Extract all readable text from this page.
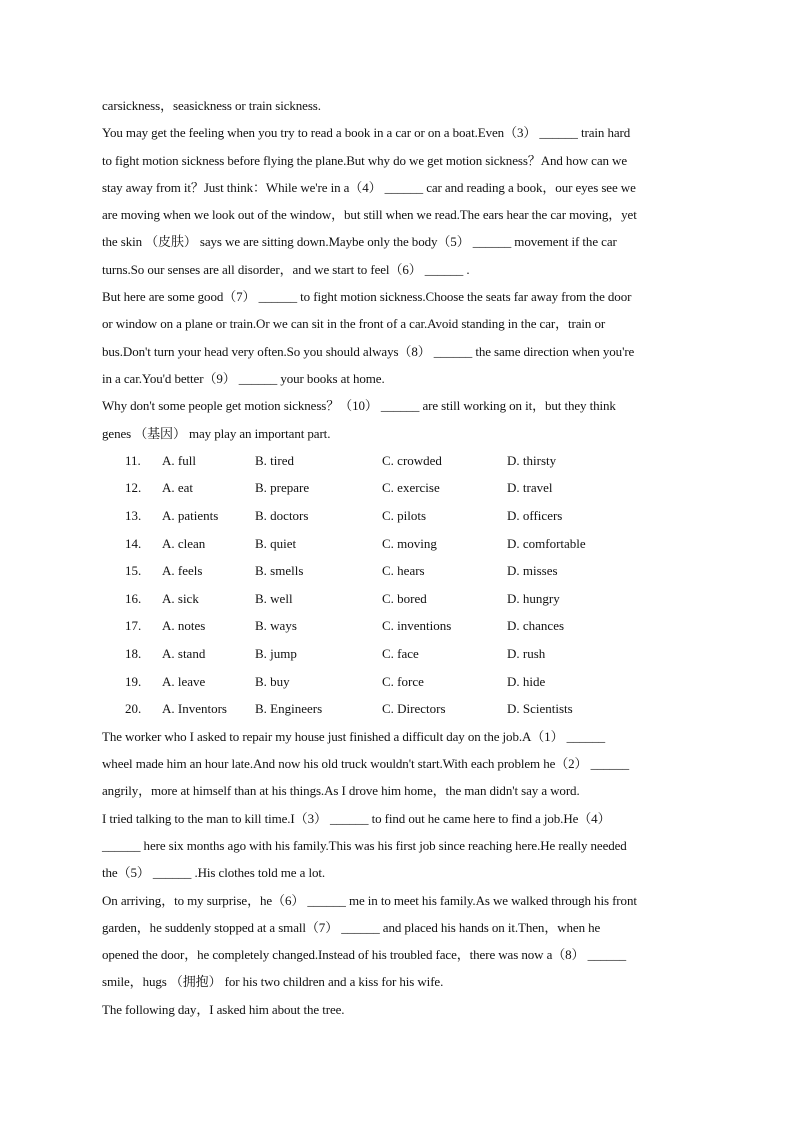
carsickness，seasickness or train sickness.
You may get the feeling when you try to read a book in a car or on a boat.Even（3） ______ train hard
to fight motion sickness before flying the plane.But why do we get motion sickness？And how can we
stay away from it？Just think：While we're in a（4） ______ car and reading a book，our eyes see we
are moving when we look out of the window，but still when we read.The ears hear the car moving，yet
the skin （皮肤） says we are sitting down.Maybe only the body（5） ______ movement if the car
turns.So our senses are all disorder，and we start to feel（6） ______ .
But here are some good（7） ______ to fight motion sickness.Choose the seats far away from the door
or window on a plane or train.Or we can sit in the front of a car.Avoid standing in the car，train or
bus.Don't turn your head very often.So you should always（8） ______ the same direction when you're
in a car.You'd better（9） ______ your books at home.
Why don't some people get motion sickness？（10） ______ are still working on it，but they think
genes （基因） may play an important part.
11. A. full	B. tired	C. crowded	D. thirsty
12. A. eat	B. prepare	C. exercise	D. travel
13. A. patients	B. doctors	C. pilots	D. officers
14. A. clean	B. quiet	C. moving	D. comfortable
15. A. feels	B. smells	C. hears	D. misses
16. A. sick	B. well	C. bored	D. hungry
17. A. notes	B. ways	C. inventions	D. chances
18. A. stand	B. jump	C. face	D. rush
19. A. leave	B. buy	C. force	D. hide
20. A. Inventors B. Engineers	C. Directors	D. Scientists
The worker who I asked to repair my house just finished a difficult day on the job.A（1） ______
wheel made him an hour late.And now his old truck wouldn't start.With each problem he（2） ______
angrily，more at himself than at his things.As I drove him home，the man didn't say a word.
I tried talking to the man to kill time.I（3） ______ to find out he came here to find a job.He（4）
______ here six months ago with his family.This was his first job since reaching here.He really needed
the（5） ______ .His clothes told me a lot.
On arriving，to my surprise，he（6） ______ me in to meet his family.As we walked through his front
garden，he suddenly stopped at a small（7） ______ and placed his hands on it.Then，when he
opened the door，he completely changed.Instead of his troubled face，there was now a（8） ______
smile，hugs （拥抱） for his two children and a kiss for his wife.
The following day，I asked him about the tree.
